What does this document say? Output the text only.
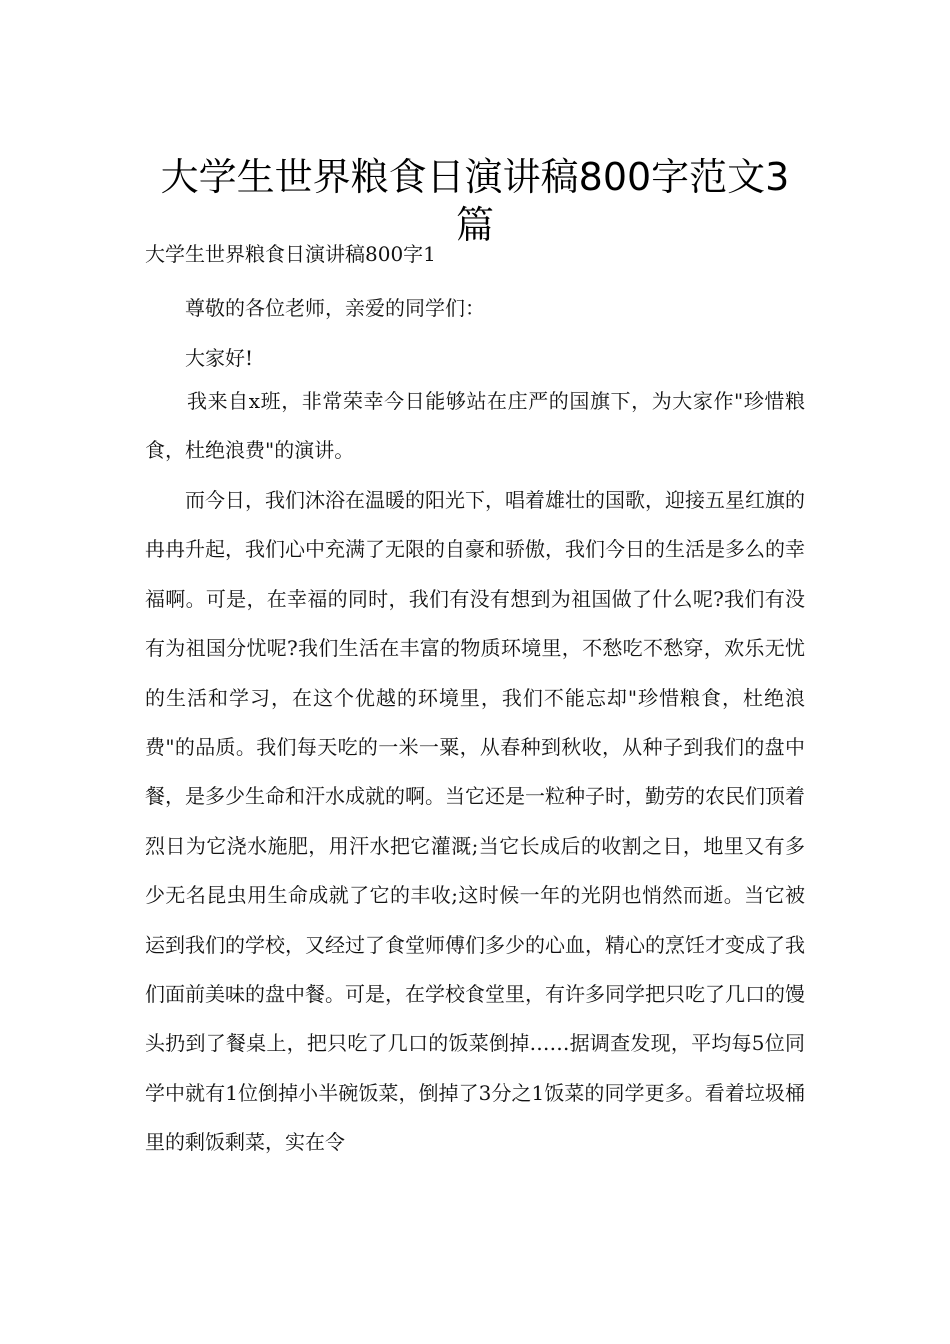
大学生世界粮食日演讲稿800字范文3篇
大学生世界粮食日演讲稿800字1

尊敬的各位老师，亲爱的同学们：

大家好!

我来自x班，非常荣幸今日能够站在庄严的国旗下，为大家作"珍惜粮食，杜绝浪费"的演讲。

而今日，我们沐浴在温暖的阳光下，唱着雄壮的国歌，迎接五星红旗的冉冉升起，我们心中充满了无限的自豪和骄傲，我们今日的生活是多么的幸福啊。可是，在幸福的同时，我们有没有想到为祖国做了什么呢?我们有没有为祖国分忧呢?我们生活在丰富的物质环境里，不愁吃不愁穿，欢乐无忧的生活和学习，在这个优越的环境里，我们不能忘却"珍惜粮食，杜绝浪费"的品质。我们每天吃的一米一粟，从春种到秋收，从种子到我们的盘中餐，是多少生命和汗水成就的啊。当它还是一粒种子时，勤劳的农民们顶着烈日为它浇水施肥，用汗水把它灌溉;当它长成后的收割之日，地里又有多少无名昆虫用生命成就了它的丰收;这时候一年的光阴也悄然而逝。当它被运到我们的学校，又经过了食堂师傅们多少的心血，精心的烹饪才变成了我们面前美味的盘中餐。可是，在学校食堂里，有许多同学把只吃了几口的馒头扔到了餐桌上，把只吃了几口的饭菜倒掉……据调查发现，平均每5位同学中就有1位倒掉小半碗饭菜，倒掉了3分之1饭菜的同学更多。看着垃圾桶里的剩饭剩菜，实在令
